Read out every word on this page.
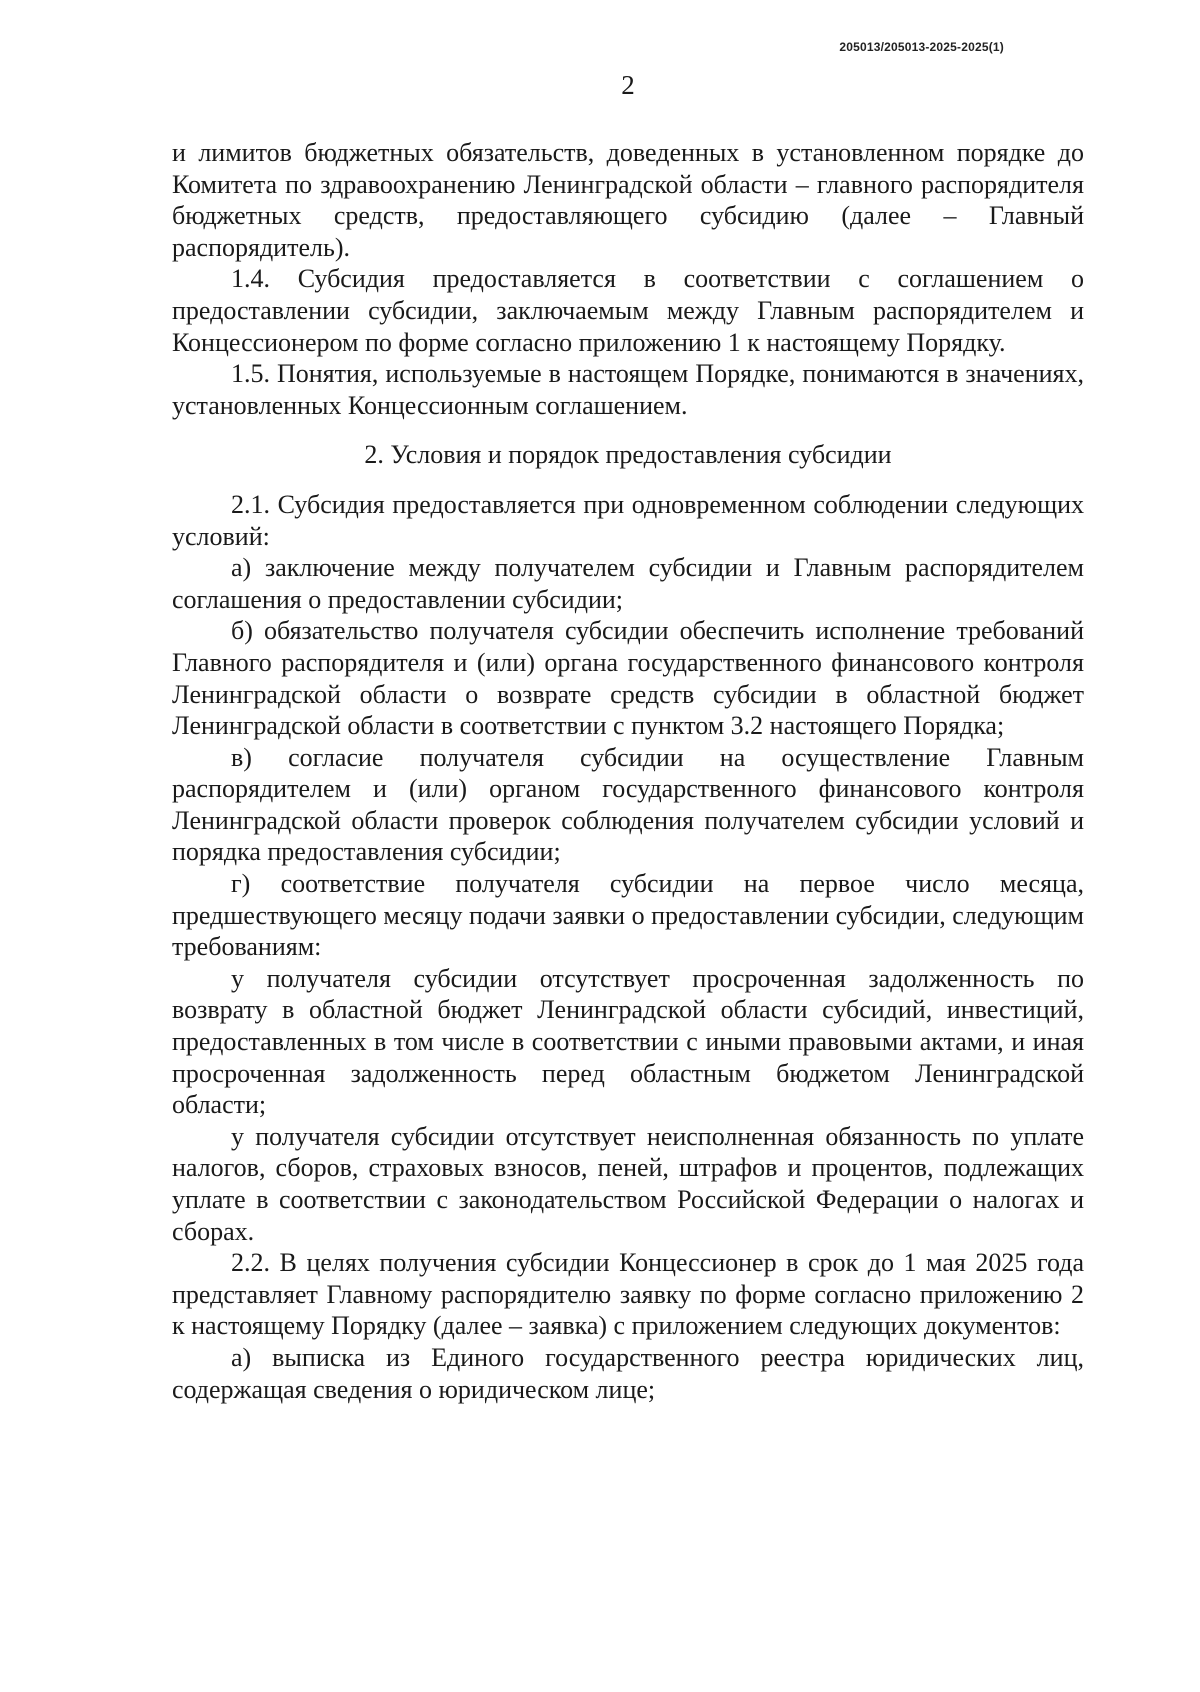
205013/205013-2025-2025(1)
2

и лимитов бюджетных обязательств, доведенных в установленном порядке до Комитета по здравоохранению Ленинградской области – главного распорядителя бюджетных средств, предоставляющего субсидию (далее – Главный распорядитель).

1.4. Субсидия предоставляется в соответствии с соглашением о предоставлении субсидии, заключаемым между Главным распорядителем и Концессионером по форме согласно приложению 1 к настоящему Порядку.

1.5. Понятия, используемые в настоящем Порядке, понимаются в значениях, установленных Концессионным соглашением.

2. Условия и порядок предоставления субсидии

2.1. Субсидия предоставляется при одновременном соблюдении следующих условий:

а) заключение между получателем субсидии и Главным распорядителем соглашения о предоставлении субсидии;

б) обязательство получателя субсидии обеспечить исполнение требований Главного распорядителя и (или) органа государственного финансового контроля Ленинградской области о возврате средств субсидии в областной бюджет Ленинградской области в соответствии с пунктом 3.2 настоящего Порядка;

в) согласие получателя субсидии на осуществление Главным распорядителем и (или) органом государственного финансового контроля Ленинградской области проверок соблюдения получателем субсидии условий и порядка предоставления субсидии;

г) соответствие получателя субсидии на первое число месяца, предшествующего месяцу подачи заявки о предоставлении субсидии, следующим требованиям:

у получателя субсидии отсутствует просроченная задолженность по возврату в областной бюджет Ленинградской области субсидий, инвестиций, предоставленных в том числе в соответствии с иными правовыми актами, и иная просроченная задолженность перед областным бюджетом Ленинградской области;

у получателя субсидии отсутствует неисполненная обязанность по уплате налогов, сборов, страховых взносов, пеней, штрафов и процентов, подлежащих уплате в соответствии с законодательством Российской Федерации о налогах и сборах.

2.2. В целях получения субсидии Концессионер в срок до 1 мая 2025 года представляет Главному распорядителю заявку по форме согласно приложению 2 к настоящему Порядку (далее – заявка) с приложением следующих документов:

а) выписка из Единого государственного реестра юридических лиц, содержащая сведения о юридическом лице;
